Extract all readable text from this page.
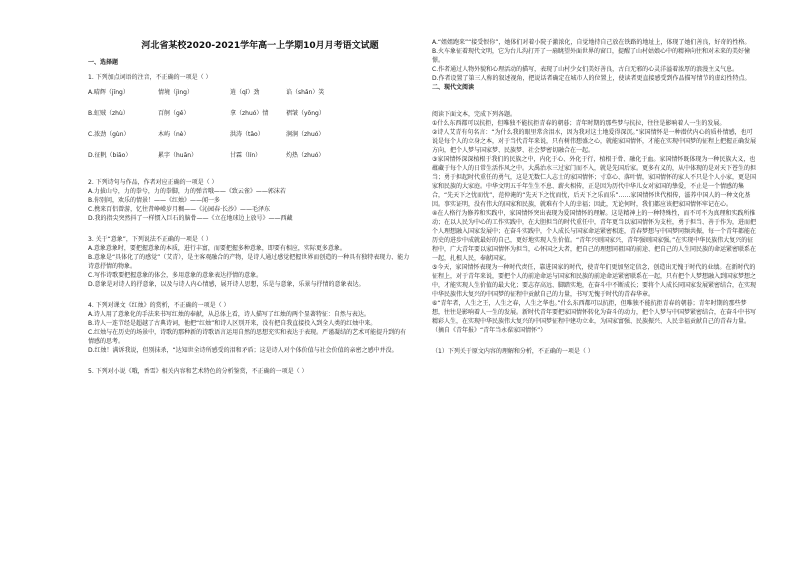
河北省某校2020-2021学年高一上学期10月月考语文试题

一、选择题

1. 下列加点词语的注音，不正确的一项是（ ）

A.晴辉（jīng）	情境（jìng）	逍（qǐ）劲	谄（shǎn）笑
B.虹贼（zhù）	百舸（gě）	拿（zhuó）情	褶皱（yōng）
C.浓劲（gùn）	木屿（nè）	洪涛（tāo）	涧涧（zhuó）
D.征帆（biāo）	累字（huān）	甘霖（lín）	灼热（zhuó）

2. 下列诗句与作品，作者对应正确的一项是（ ）

A.力拔山兮，力的拳兮，力的拳脚，力的弹音哦——《致云雀》——郭沫若

B.你别问，欢乐的情景！——《红烛》——闻一多

C.携来百侣曾游，忆往昔峥嵘岁月稠——《沁园春·长沙》——毛泽东

D.我的指尖突然抖了一样惯入巨石的脑骨——《立在地球边上放号》——西藏

3. 关于“意象”，下列说法不正确的一项是（ ）

A.意象意象时，要把握意象的本质，进行丰富，而要把握多种意象，即要有相应，实际更多意象。

B.意象是“具体化了的感觉”（艾青），是主客观融合的产物，是诗人通过感觉把握世界而创造的一种具有独特表现力、能力诗意抒情的物象。

C.写作诗歌要把握意象的体会，多用意象的意象表达抒情的意象。

D.意象是对诗人的抒意象，以及与诗人内心情感，展开诗人思想，乐是与意象，乐景与抒情的意象表达。

4. 下列对课文《红烛》的赏析，不正确的一项是（ ）

A.诗人用了意象化的手法来书写红烛的奉献，从总体上看，诗人描写了红烛的两个显著特征：自然与表达。

B.诗人一连节经是超越了古典诗词，他把“红烛”和诗人区别开来，没有把自我直接投入到全人类的红烛中来。

C.红烛与在历史的场景中，诗歌的那种新的诗歌语言运用自然的思想充实和表达于表现。严谨凝结的艺术可能提升到的有情感的思考。

D.红烛！满诉我说，但别抹杀，“达知世全诗所感受的泪和矛盾；这是诗人对个体价值与社会价值的亲密之感中并没。

5. 下列对小说《哦，香雪》相关内容和艺术特色的分析鉴赏，不正确的一项是（ ）

A.“姐姐跑来”“接受恨你”，她体们对着小院子激浓化，自觉地持自己放在铁路的地址上，体现了她们善良，好奇的性格。

B.火车象征着现代文明，它为台儿沟打开了一扇眺望外面世界的窗口，提醒了山村姑娘心中的精神向往和对未来的美好憧憬。

C.作者通过人物外貌和心理活动的描写，表现了山村少女们美好善良，古白无邪的心灵洋溢着浓厚的浪漫主义气息。

D.作者设置了第三人称的叙述视角，把说话者确定在城市人的位置上，使读者更直接感受到作品描写情节的虚幻性特点。

二、现代文阅读

阅读下面文本，完成下列各题。

①什么东西都可以抗拒，但唯独不能抗拒青春的朝暮；青年时期的那些梦与抗拉，往往是影响着人一生的发展。

②诗人艾青有句名言：“为什么我的眼里常含泪水，因为我对这土地爱得深沉。”家国情怀是一种潜伏内心的质朴情感，也可说是每个人的立身之本，对于当代青年来说，只有树伟想盛之心，就能家国情怀，才能在实现中国梦的征程上把握正确发展方向，把个人梦与国家梦、民族梦、社会梦密切融合在一起。

③家国情怀深深植根于我们的民族之中，内化于心、外化于行，植根于骨、融化于血。家国情怀既体现为一种民族大义，也蕴藏于每个人的日常生活作风之中。大禹治水三过家门而不入，就是先国后家。更多有义的，从中体现的是对天下苍生的担当；勇于担起时代重任的勇气，这是无数仁人志士的家国情怀；寸草心、落叶情，家国情怀的家人不只是个人小家，更是国家和民族的大家庭。中华文明五千年生生不息、薪火相传，正是因为历代中华儿女对家国的挚爱，不止是一个情感的集合，“先天下之忧而忧”，范仲淹的“先天下之忧而忧，后天下之乐而乐”……家国情怀世代相传，滋养中国人的一种文化基因。事实证明，没有伟大的国家和民族，就难有个人的幸福；因此，无论何时，我们都应该把家国情怀牢记在心。

④在人格行为修养和实践中，家国情怀突出表现为爱国情怀的理解。这是精神上的一种特殊性，而不可不为真理和实践所推动；在以人民为中心的工作实践中，在大胆担当的时代重任中，青年更当以家国情怀为支柱，勇于担当、善于作为，进而把个人理想融入国家发展中；在奋斗实践中，个人成长与国家命运紧密相连，青春梦想与中国梦同频共振，每一个青年都能在历史的进步中成就最好的自己，更好地实现人生价值。“青年兴则国家兴，青年强则国家强。”在实现中华民族伟大复兴的征程中，广大青年要以家国情怀为担当，心怀国之大者，把自己的理想同祖国的前途、把自己的人生同民族的命运紧密联系在一起，扎根人民，奉献国家。

⑤今天，家国情怀表现为一种时代责任，靠进国家的时代，使青年们更加坚定信念，创造出无愧于时代的业绩。在新时代的征程上，对于青年来说，要把个人的前途命运与国家和民族的前途命运紧密联系在一起，只有把个人梦想融入到国家梦想之中，才能实现人生价值的最大化；要志存高远、脚踏实地，在奋斗中不断成长；要将个人成长同国家发展紧密结合，在实现中华民族伟大复兴的中国梦的征程中贡献自己的力量，书写无愧于时代的青春华章。

⑥“青年者，人生之王，人生之春，人生之华也。”什么东西都可以抗拒，但唯独不能抗拒青春的朝暮；青年时期的那些梦想，往往是影响着人一生的发展。新时代青年要把家国情怀转化为奋斗的动力，把个人梦与中国梦紧密结合，在奋斗中书写精彩人生，在实现中华民族伟大复兴的中国梦征程中建功立业，为国家富强、民族振兴、人民幸福贡献自己的青春力量。

（摘自《青年报》“青年当永葆家国情怀”）

（1）下列关于原文内容的理解和分析，不正确的一项是（ ）
